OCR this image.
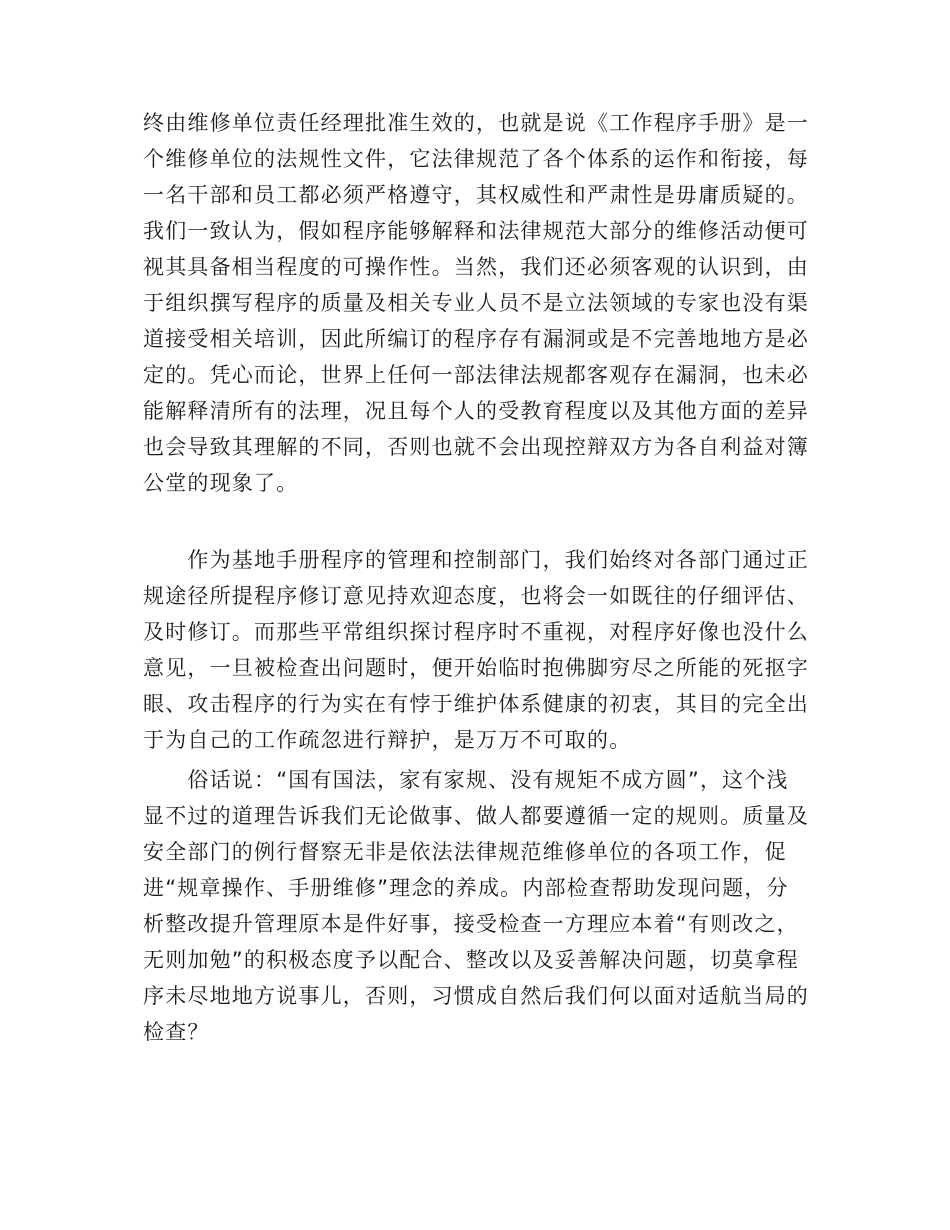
终由维修单位责任经理批准生效的，也就是说《工作程序手册》是一
个维修单位的法规性文件，它法律规范了各个体系的运作和衔接，每
一名干部和员工都必须严格遵守，其权威性和严肃性是毋庸质疑的。
我们一致认为，假如程序能够解释和法律规范大部分的维修活动便可
视其具备相当程度的可操作性。当然，我们还必须客观的认识到，由
于组织撰写程序的质量及相关专业人员不是立法领域的专家也没有渠
道接受相关培训，因此所编订的程序存有漏洞或是不完善地地方是必
定的。凭心而论，世界上任何一部法律法规都客观存在漏洞，也未必
能解释清所有的法理，况且每个人的受教育程度以及其他方面的差异
也会导致其理解的不同，否则也就不会出现控辩双方为各自利益对簿
公堂的现象了。
　　作为基地手册程序的管理和控制部门，我们始终对各部门通过正
规途径所提程序修订意见持欢迎态度，也将会一如既往的仔细评估、
及时修订。而那些平常组织探讨程序时不重视，对程序好像也没什么
意见，一旦被检查出问题时，便开始临时抱佛脚穷尽之所能的死抠字
眼、攻击程序的行为实在有悖于维护体系健康的初衷，其目的完全出
于为自己的工作疏忽进行辩护，是万万不可取的。
　　俗话说：“国有国法，家有家规、没有规矩不成方圆”，这个浅
显不过的道理告诉我们无论做事、做人都要遵循一定的规则。质量及
安全部门的例行督察无非是依法法律规范维修单位的各项工作，促
进“规章操作、手册维修”理念的养成。内部检查帮助发现问题，分
析整改提升管理原本是件好事，接受检查一方理应本着“有则改之，
无则加勉”的积极态度予以配合、整改以及妥善解决问题，切莫拿程
序未尽地地方说事儿，否则，习惯成自然后我们何以面对适航当局的
检查？
